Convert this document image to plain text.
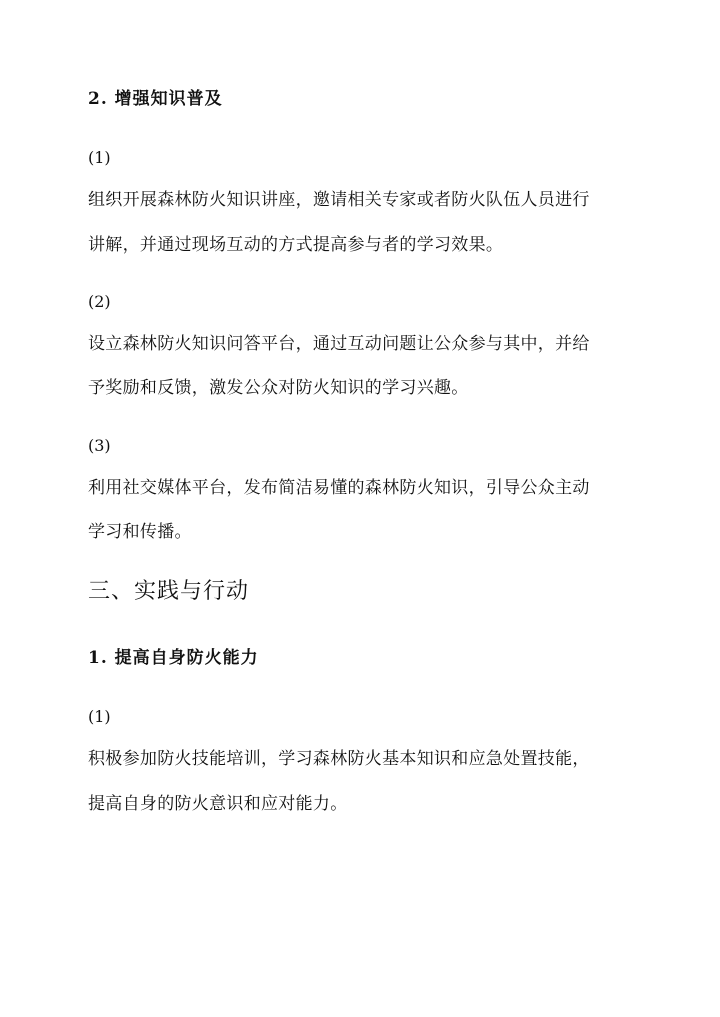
2. 增强知识普及
(1)
组织开展森林防火知识讲座，邀请相关专家或者防火队伍人员进行
讲解，并通过现场互动的方式提高参与者的学习效果。
(2)
设立森林防火知识问答平台，通过互动问题让公众参与其中，并给
予奖励和反馈，激发公众对防火知识的学习兴趣。
(3)
利用社交媒体平台，发布简洁易懂的森林防火知识，引导公众主动
学习和传播。
三、实践与行动
1. 提高自身防火能力
(1)
积极参加防火技能培训，学习森林防火基本知识和应急处置技能，
提高自身的防火意识和应对能力。
